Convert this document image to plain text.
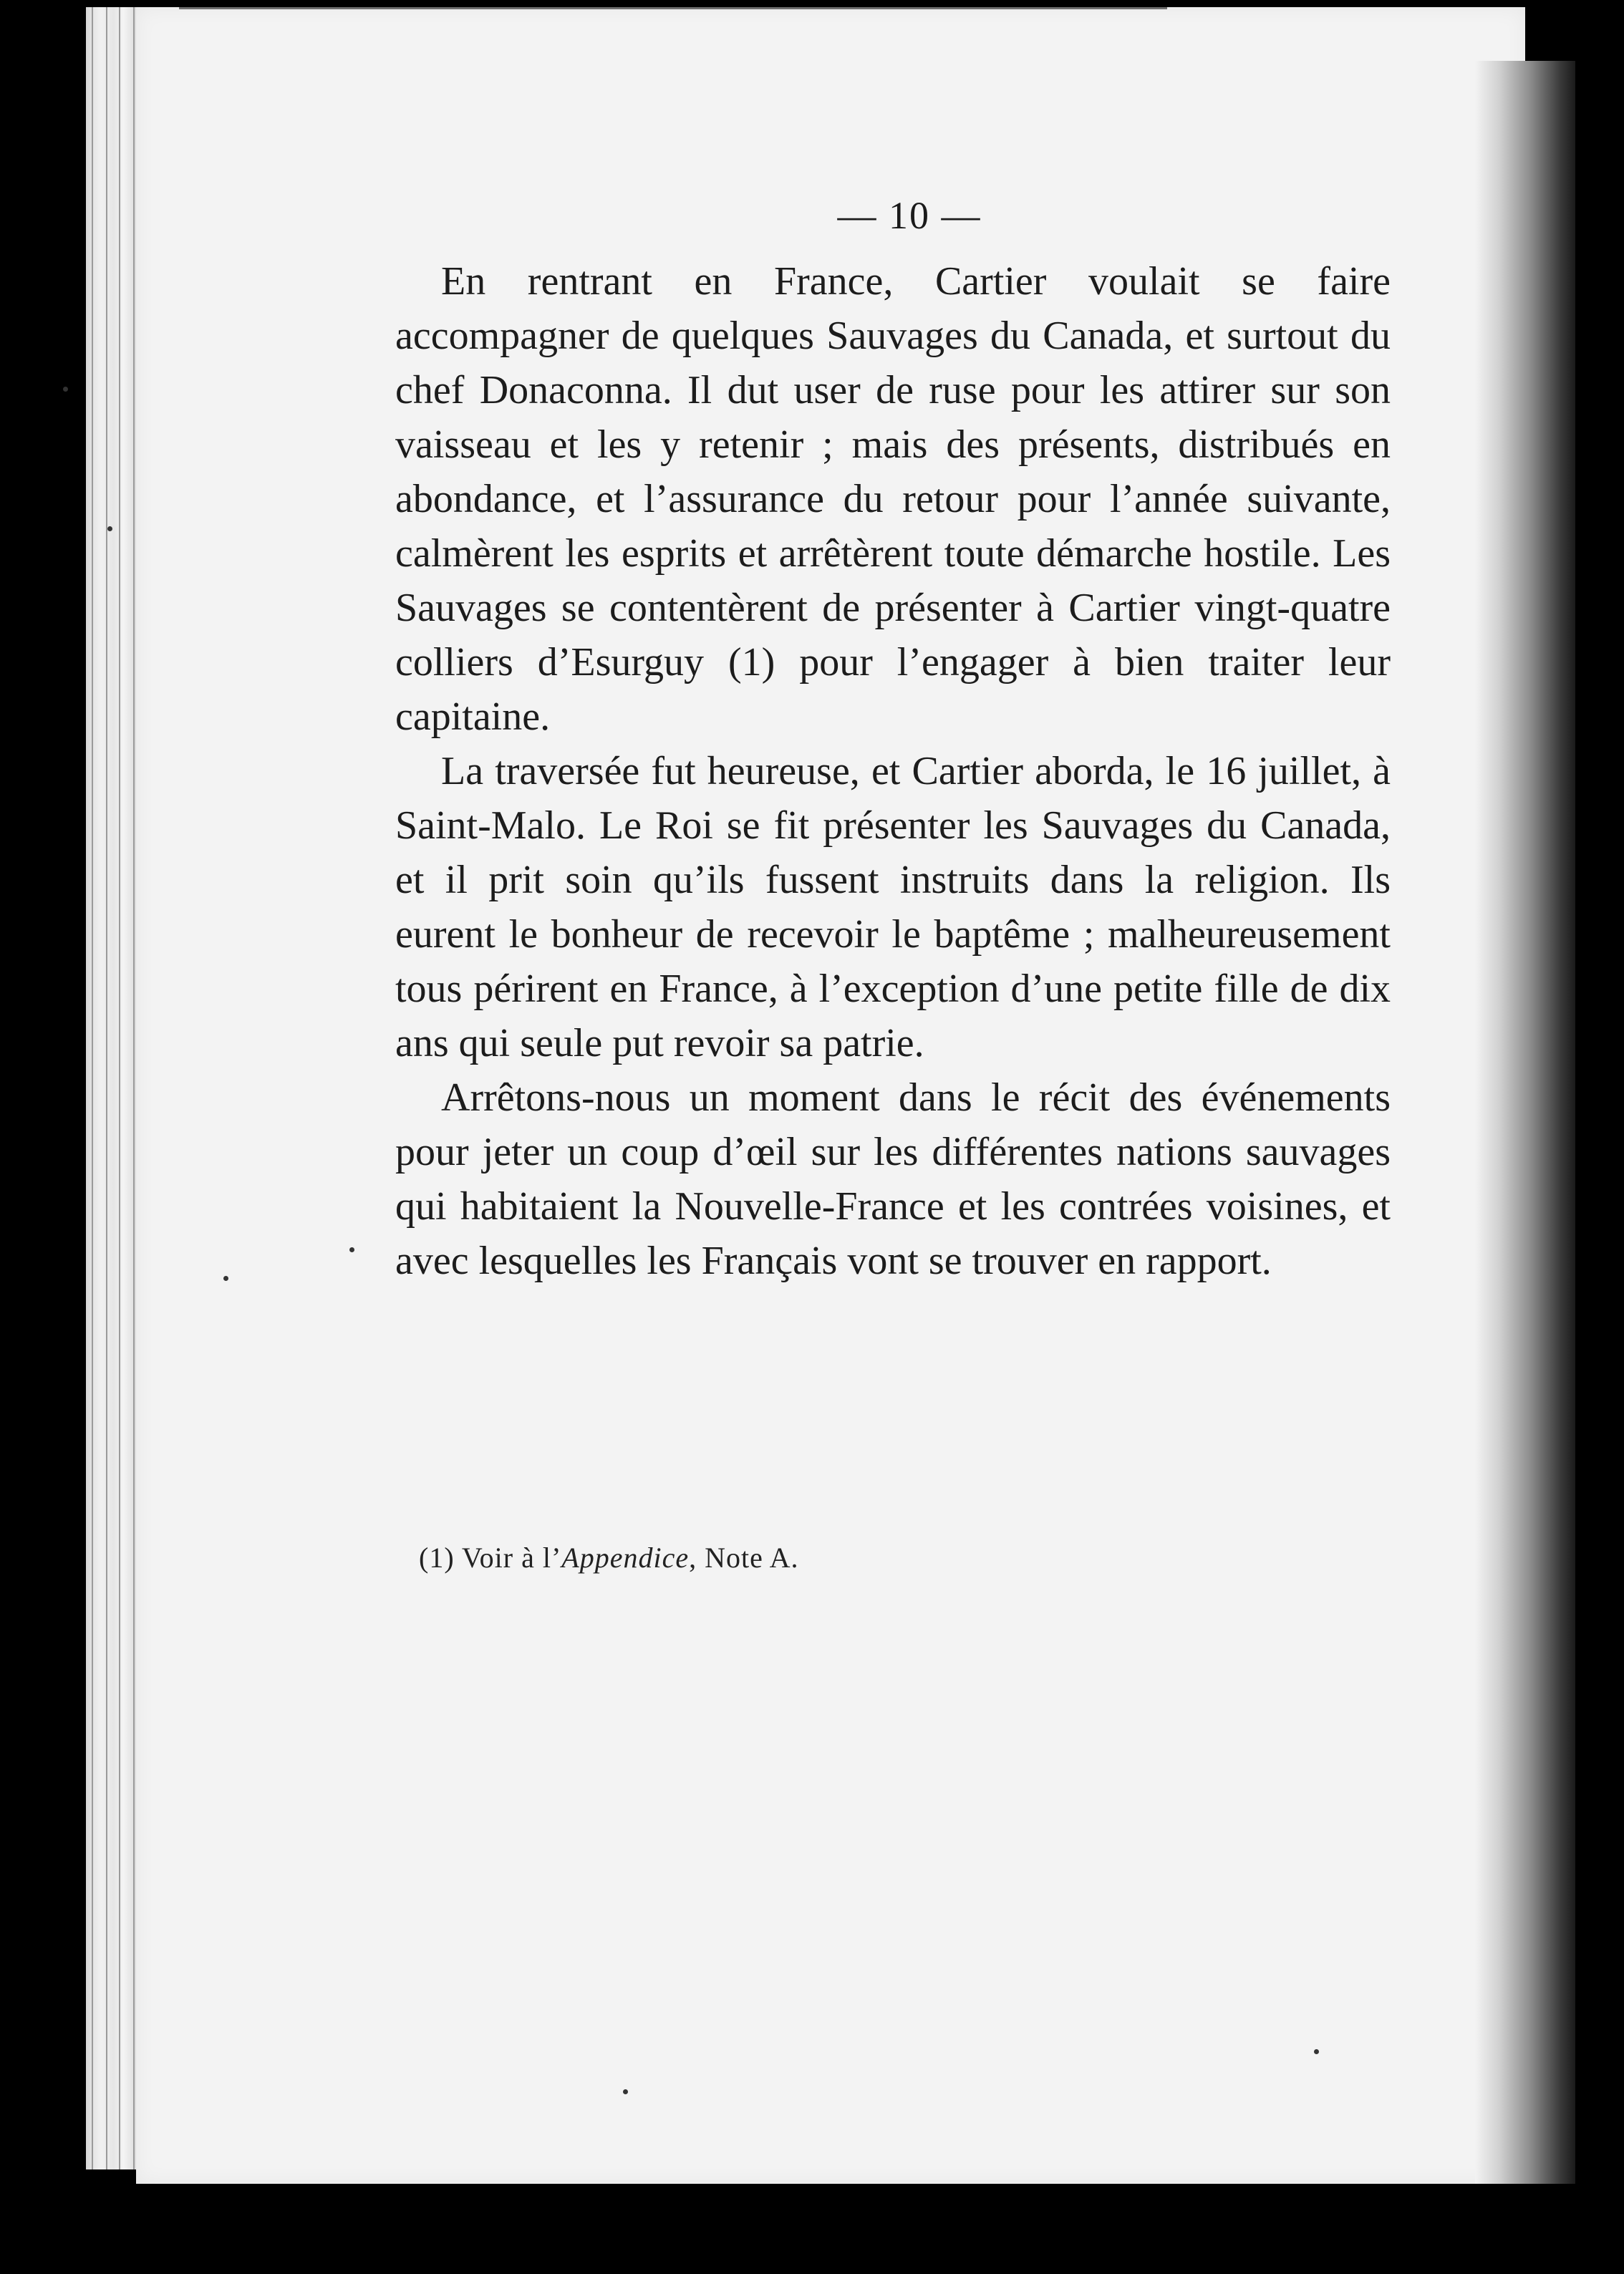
— 10 —

En rentrant en France, Cartier voulait se faire accompagner de quelques Sauvages du Canada, et surtout du chef Donaconna. Il dut user de ruse pour les attirer sur son vaisseau et les y retenir ; mais des présents, distribués en abondance, et l’assurance du retour pour l’année suivante, calmèrent les esprits et arrêtèrent toute démarche hostile. Les Sauvages se contentèrent de présenter à Cartier vingt-quatre colliers d’Esurguy (1) pour l’engager à bien traiter leur capitaine.

La traversée fut heureuse, et Cartier aborda, le 16 juillet, à Saint-Malo. Le Roi se fit présenter les Sauvages du Canada, et il prit soin qu’ils fussent instruits dans la religion. Ils eurent le bonheur de recevoir le baptême ; malheureusement tous périrent en France, à l’exception d’une petite fille de dix ans qui seule put revoir sa patrie.

Arrêtons-nous un moment dans le récit des événements pour jeter un coup d’œil sur les différentes nations sauvages qui habitaient la Nouvelle-France et les contrées voisines, et avec lesquelles les Français vont se trouver en rapport.

(1) Voir à l’Appendice, Note A.
